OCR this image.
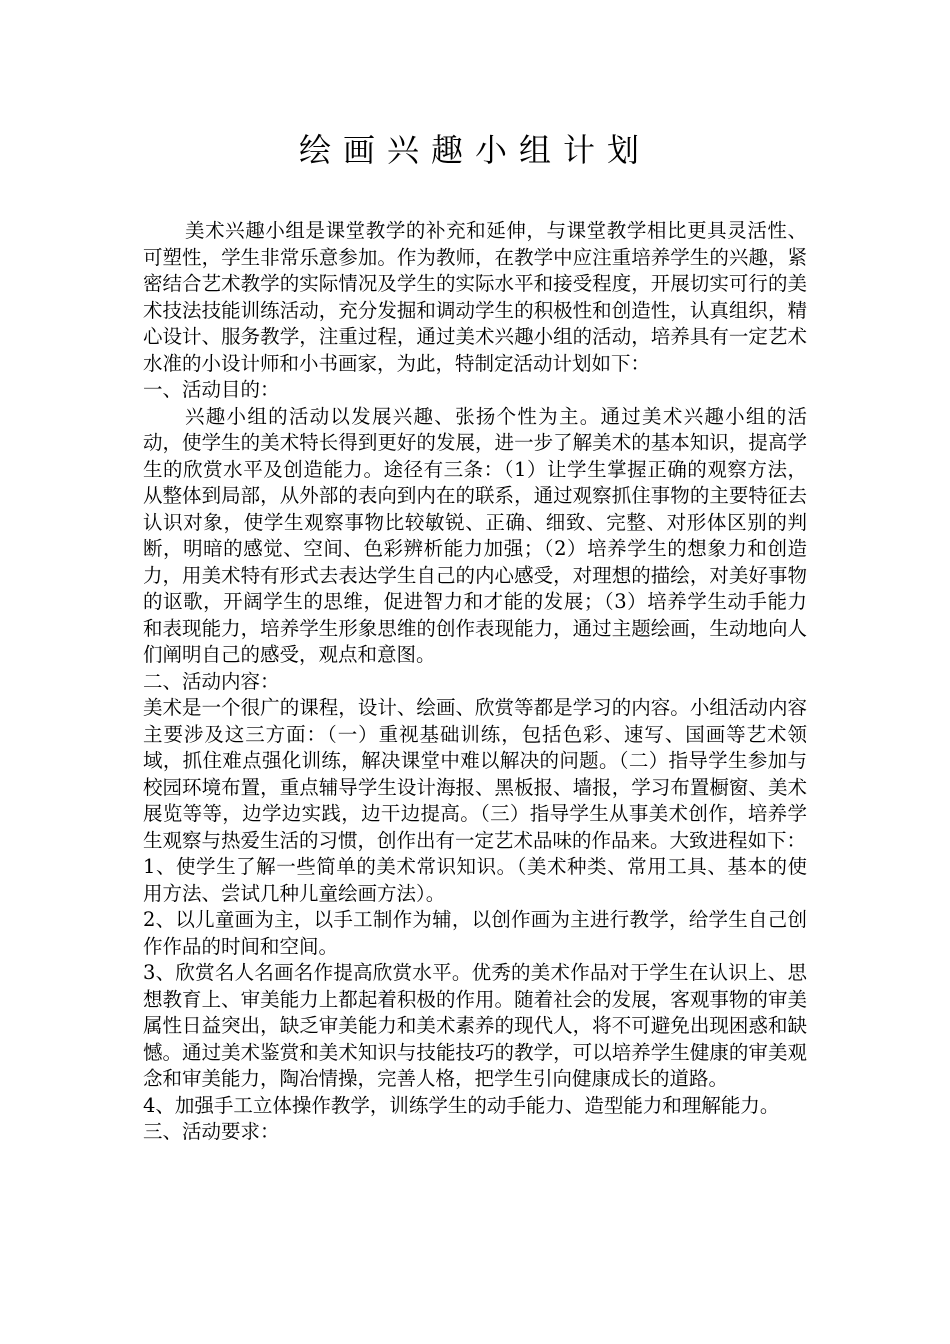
绘画兴趣小组计划

美术兴趣小组是课堂教学的补充和延伸，与课堂教学相比更具灵活性、可塑性，学生非常乐意参加。作为教师，在教学中应注重培养学生的兴趣，紧密结合艺术教学的实际情况及学生的实际水平和接受程度，开展切实可行的美术技法技能训练活动，充分发掘和调动学生的积极性和创造性，认真组织，精心设计、服务教学，注重过程，通过美术兴趣小组的活动，培养具有一定艺术水准的小设计师和小书画家，为此，特制定活动计划如下：

一、活动目的：

兴趣小组的活动以发展兴趣、张扬个性为主。通过美术兴趣小组的活动，使学生的美术特长得到更好的发展，进一步了解美术的基本知识，提高学生的欣赏水平及创造能力。途径有三条：（1）让学生掌握正确的观察方法，从整体到局部，从外部的表向到内在的联系，通过观察抓住事物的主要特征去认识对象，使学生观察事物比较敏锐、正确、细致、完整、对形体区别的判断，明暗的感觉、空间、色彩辨析能力加强；（2）培养学生的想象力和创造力，用美术特有形式去表达学生自己的内心感受，对理想的描绘，对美好事物的讴歌，开阔学生的思维，促进智力和才能的发展；（3）培养学生动手能力和表现能力，培养学生形象思维的创作表现能力，通过主题绘画，生动地向人们阐明自己的感受，观点和意图。

二、活动内容：

美术是一个很广的课程，设计、绘画、欣赏等都是学习的内容。小组活动内容主要涉及这三方面：（一）重视基础训练，包括色彩、速写、国画等艺术领域，抓住难点强化训练，解决课堂中难以解决的问题。（二）指导学生参加与校园环境布置，重点辅导学生设计海报、黑板报、墙报，学习布置橱窗、美术展览等等，边学边实践，边干边提高。（三）指导学生从事美术创作，培养学生观察与热爱生活的习惯，创作出有一定艺术品味的作品来。大致进程如下：

1、使学生了解一些简单的美术常识知识。（美术种类、常用工具、基本的使用方法、尝试几种儿童绘画方法）。

2、以儿童画为主，以手工制作为辅，以创作画为主进行教学，给学生自己创作作品的时间和空间。

3、欣赏名人名画名作提高欣赏水平。优秀的美术作品对于学生在认识上、思想教育上、审美能力上都起着积极的作用。随着社会的发展，客观事物的审美属性日益突出，缺乏审美能力和美术素养的现代人，将不可避免出现困惑和缺憾。通过美术鉴赏和美术知识与技能技巧的教学，可以培养学生健康的审美观念和审美能力，陶冶情操，完善人格，把学生引向健康成长的道路。

4、加强手工立体操作教学，训练学生的动手能力、造型能力和理解能力。

三、活动要求：
